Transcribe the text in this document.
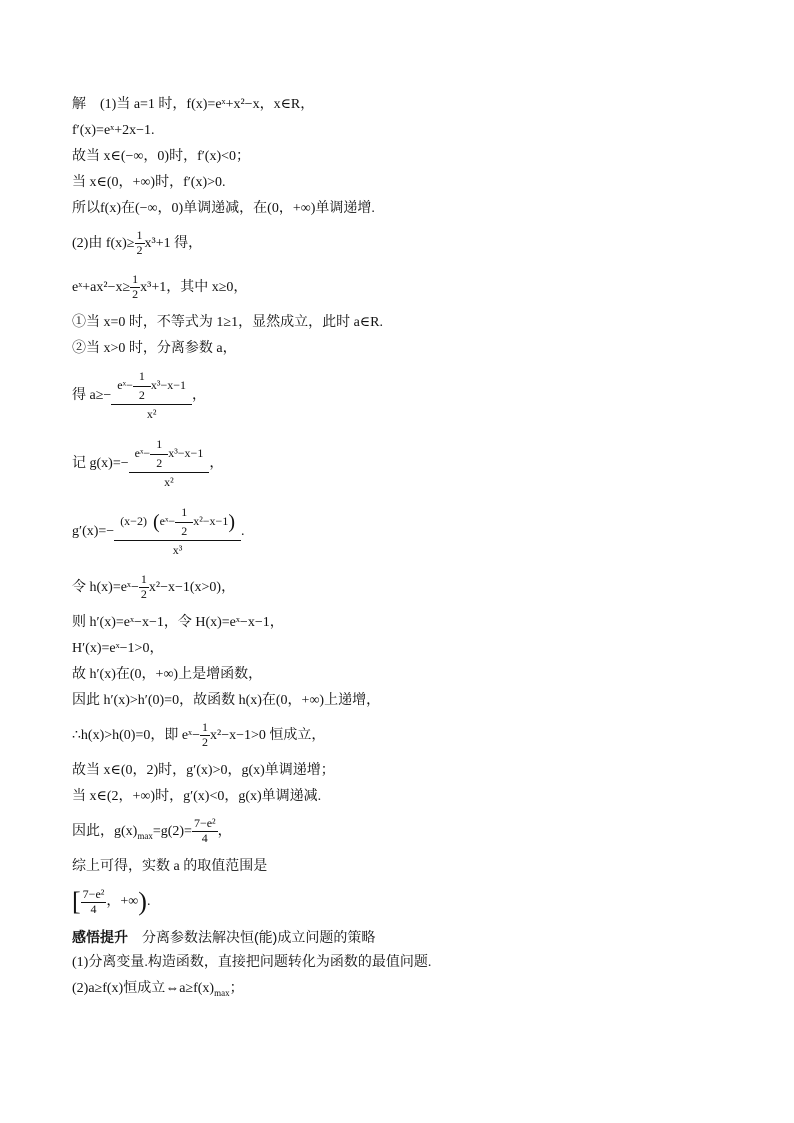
解　(1)当 a=1 时，f(x)=eˣ+x²−x，x∈R，
f′(x)=eˣ+2x−1.
故当 x∈(−∞，0)时，f′(x)<0；
当 x∈(0，+∞)时，f′(x)>0.
所以f(x)在(−∞，0)单调递减，在(0，+∞)单调递增.
(2)由 $f(x)\ge \frac{1}{2} x^3+1$ 得，
eˣ+ax²−x≥ $\frac{1}{2} x^3+1$，其中 x≥0，
①当 x=0 时，不等式为 1≥1，显然成立，此时 a∈R.
②当 x>0 时，分离参数 a，
得 $a\ge- \frac{eˣ- \frac{1}{2} x^3-x-1}{\text{x²}}$ ，
记 $g(x)=- \frac{eˣ- \frac{1}{2} x^3-x-1}{\text{x²}}$ ，
$g'(x)=- \frac{(x-2) (eˣ- \frac{1}{2} x^2-x-1)}{\text{x³}}$ .
令 h(x)=eˣ− $\frac{1}{2} x^2-x-1(x>0)$，
则 h′(x)=eˣ−x−1，令 H(x)=eˣ−x−1，
H′(x)=eˣ−1>0，
故 h′(x)在(0，+∞)上是增函数，
因此 h′(x)>h′(0)=0，故函数 h(x)在(0，+∞)上递增，
∴h(x)>h(0)=0，即 eˣ− $\frac{1}{2} x^2-x-1>0$ 恒成立，
故当 x∈(0，2)时，g′(x)>0，g(x)单调递增；
当 x∈(2，+∞)时，g′(x)<0，g(x)单调递减.
因此，$g(x)_{max}=g(2)= \frac{\text{7−e²}}{4}$ ，
综上可得，实数 a 的取值范围是
[ $\frac{\text{7−e²}}{4}$ ，+∞).
感悟提升  分离参数法解决恒(能)成立问题的策略
(1)分离变量.构造函数，直接把问题转化为函数的最值问题.
(2)a≥f(x)恒成立$\Leftrightarrow a\ge f(x)_{max}$；
